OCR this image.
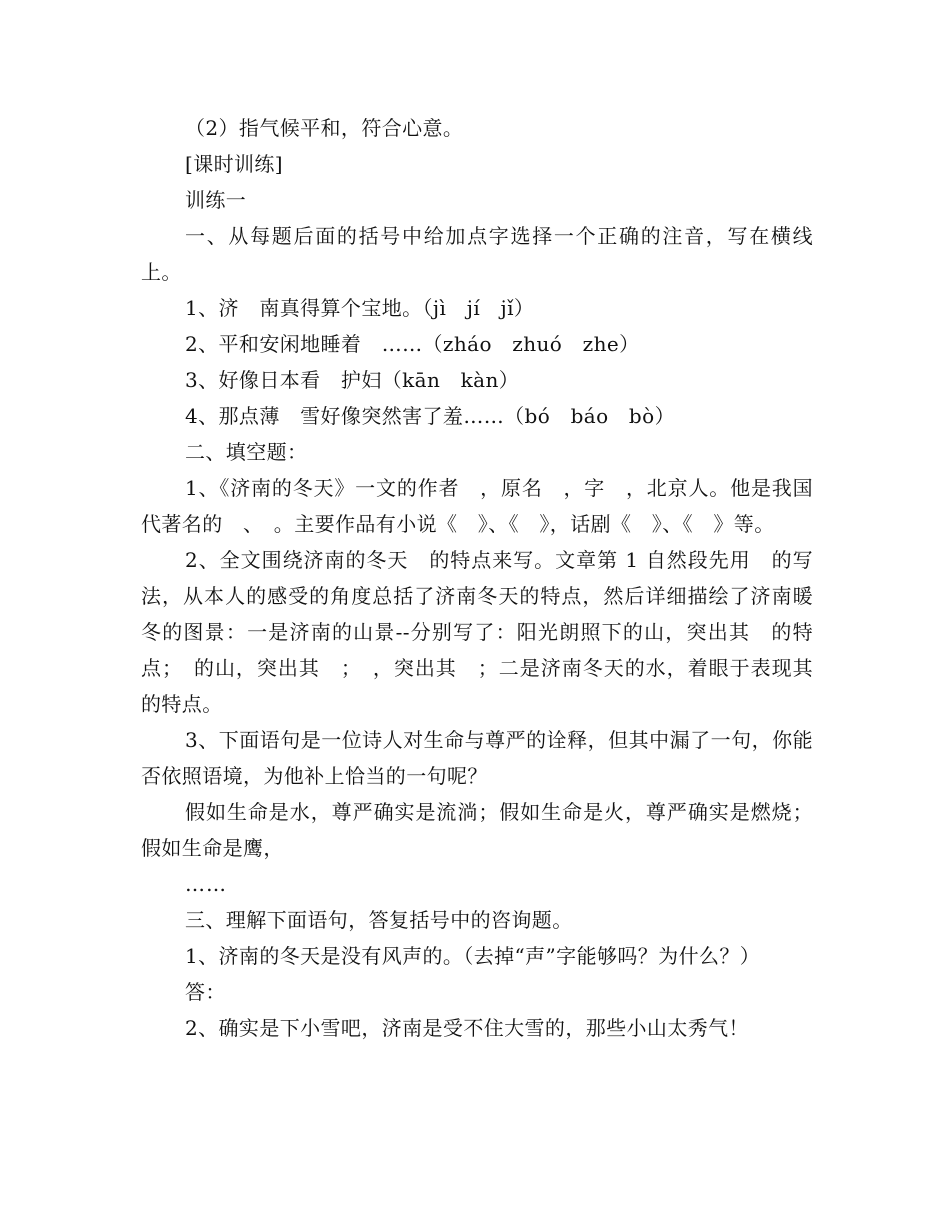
（2）指气候平和，符合心意。

[课时训练]

训练一

一、从每题后面的括号中给加点字选择一个正确的注音，写在横线上。

1、济　南真得算个宝地。（jì　jí　jǐ）

2、平和安闲地睡着　……（zháo　zhuó　zhe）

3、好像日本看　护妇（kān　kàn）

4、那点薄　雪好像突然害了羞……（bó　báo　bò）

二、填空题：

1、《济南的冬天》一文的作者　，原名　，字　，北京人。他是我国　代著名的　、　。主要作品有小说《　》、《　》，话剧《　》、《　》等。

2、全文围绕济南的冬天　的特点来写。文章第 1 自然段先用　的写法，从本人的感受的角度总括了济南冬天的特点，然后详细描绘了济南暖冬的图景：一是济南的山景--分别写了：阳光朗照下的山，突出其　的特点；　的山，突出其　；　，突出其　；二是济南冬天的水，着眼于表现其　的特点。

3、下面语句是一位诗人对生命与尊严的诠释，但其中漏了一句，你能否依照语境，为他补上恰当的一句呢？

假如生命是水，尊严确实是流淌；假如生命是火，尊严确实是燃烧；假如生命是鹰，

……

三、理解下面语句，答复括号中的咨询题。

1、济南的冬天是没有风声的。（去掉“声”字能够吗？为什么？）

答：

2、确实是下小雪吧，济南是受不住大雪的，那些小山太秀气！
